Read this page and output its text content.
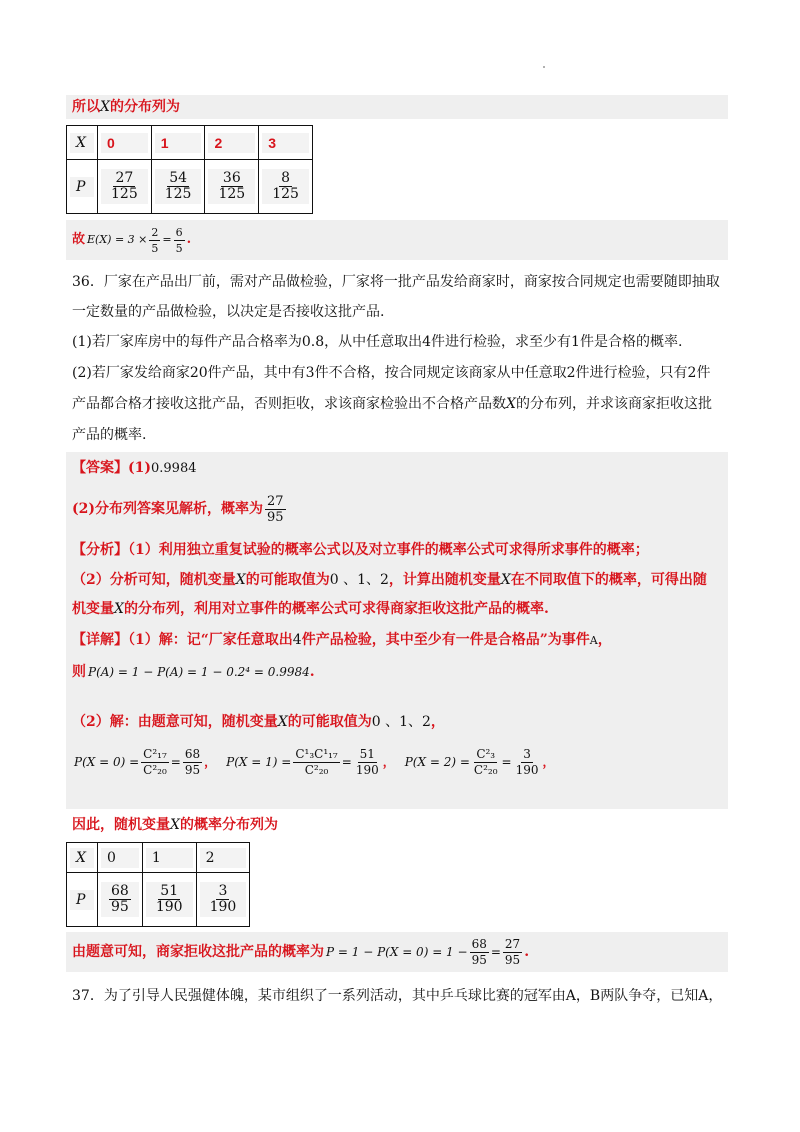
所以X的分布列为
X	0	1	2	3

P	$\frac{27}{125}$	$\frac{54}{125}$	$\frac{36}{125}$	$\frac{8}{125}$
故 $E(X) = 3 \times \frac{2}{5} = \frac{6}{5}$ .
36．厂家在产品出厂前，需对产品做检验，厂家将一批产品发给商家时，商家按合同规定也需要随即抽取
一定数量的产品做检验，以决定是否接收这批产品.
(1)若厂家库房中的每件产品合格率为0.8，从中任意取出4件进行检验，求至少有1件是合格的概率.
(2)若厂家发给商家20件产品，其中有3件不合格，按合同规定该商家从中任意取2件进行检验，只有2件
产品都合格才接收这批产品，否则拒收，求该商家检验出不合格产品数X的分布列，并求该商家拒收这批
产品的概率.
【答案】(1)0.9984
(2)分布列答案见解析，概率为 $\frac{27}{95}$
【分析】（1）利用独立重复试验的概率公式以及对立事件的概率公式可求得所求事件的概率；
（2）分析可知，随机变量X的可能取值为0 、1、2，计算出随机变量X在不同取值下的概率，可得出随
机变量X的分布列，利用对立事件的概率公式可求得商家拒收这批产品的概率.
【详解】（1）解：记“厂家任意取出4件产品检验，其中至少有一件是合格品”为事件A，
则 P(A) = 1 − P(A) = 1 − 0.2⁴ = 0.9984.
（2）解：由题意可知，随机变量X的可能取值为0 、1、2，
$P(X = 0) = \frac{\text{C²₁₇}}{\text{C²₂₀}} = \frac{68}{95}$ ， $P(X = 1) = \frac{\text{C¹₃C¹₁₇}}{\text{C²₂₀}} = \frac{51}{190}$ ， $P(X = 2) = \frac{\text{C²₃}}{\text{C²₂₀}} = \frac{3}{190}$ ，
因此，随机变量X的概率分布列为
X	0	1	2

P	$\frac{68}{95}$	$\frac{51}{190}$	$\frac{3}{190}$
由题意可知，商家拒收这批产品的概率为 $P = 1 - P(X = 0) = 1 - \frac{68}{95} = \frac{27}{95}$ .
37．为了引导人民强健体魄，某市组织了一系列活动，其中乒乓球比赛的冠军由A，B两队争夺，已知A，
